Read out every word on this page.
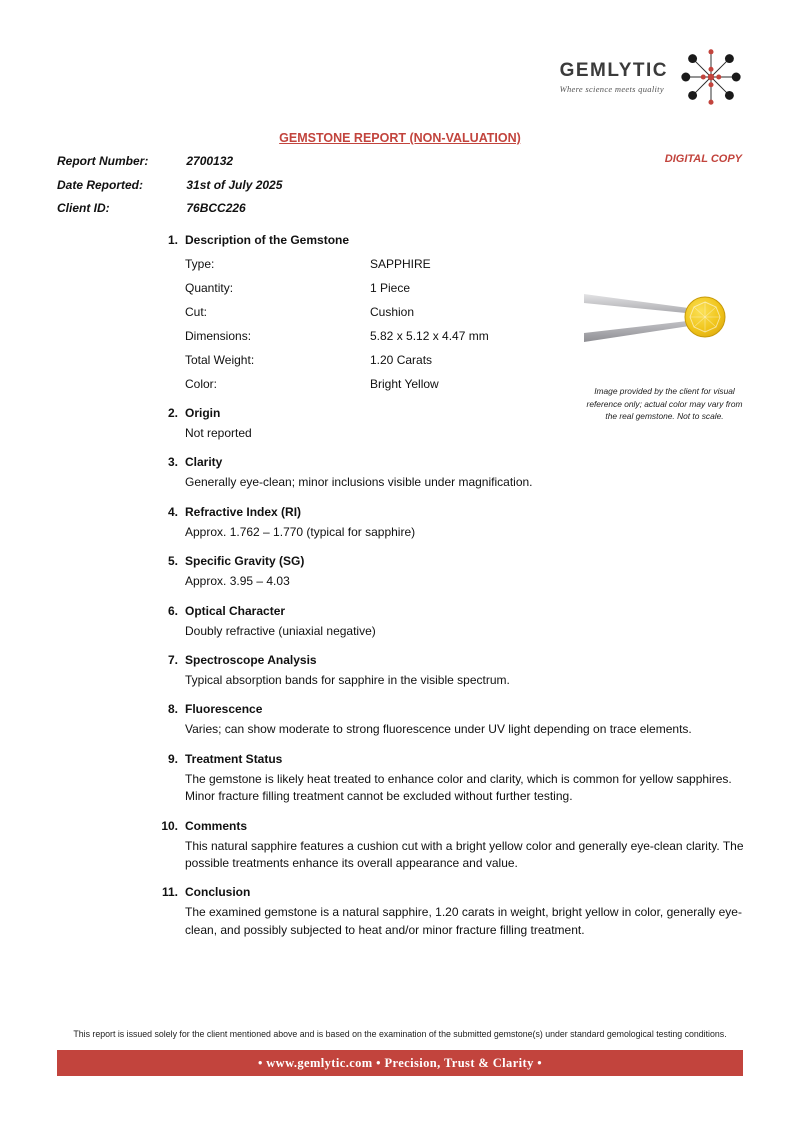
GEMLYTIC
Where science meets quality
GEMSTONE REPORT (NON-VALUATION)
DIGITAL COPY
Report Number:	2700132
Date Reported:	31st of July 2025
Client ID:	76BCC226
1. Description of the Gemstone
Type:	SAPPHIRE
Quantity:	1 Piece
Cut:	Cushion
Dimensions:	5.82 x 5.12 x 4.47 mm
Total Weight:	1.20 Carats
Color:	Bright Yellow
2. Origin

Not reported

3. Clarity

Generally eye-clean; minor inclusions visible under magnification.

4. Refractive Index (RI)

Approx. 1.762 – 1.770 (typical for sapphire)

5. Specific Gravity (SG)

Approx. 3.95 – 4.03

6. Optical Character

Doubly refractive (uniaxial negative)

7. Spectroscope Analysis

Typical absorption bands for sapphire in the visible spectrum.

8. Fluorescence

Varies; can show moderate to strong fluorescence under UV light depending on trace elements.

9. Treatment Status

The gemstone is likely heat treated to enhance color and clarity, which is common for yellow sapphires. Minor fracture filling treatment cannot be excluded without further testing.

10. Comments

This natural sapphire features a cushion cut with a bright yellow color and generally eye-clean clarity. The possible treatments enhance its overall appearance and value.

11. Conclusion

The examined gemstone is a natural sapphire, 1.20 carats in weight, bright yellow in color, generally eye-clean, and possibly subjected to heat and/or minor fracture filling treatment.

Image provided by the client for visual reference only; actual color may vary from the real gemstone. Not to scale.
This report is issued solely for the client mentioned above and is based on the examination of the submitted gemstone(s) under standard gemological testing conditions.
• www.gemlytic.com • Precision, Trust & Clarity •
